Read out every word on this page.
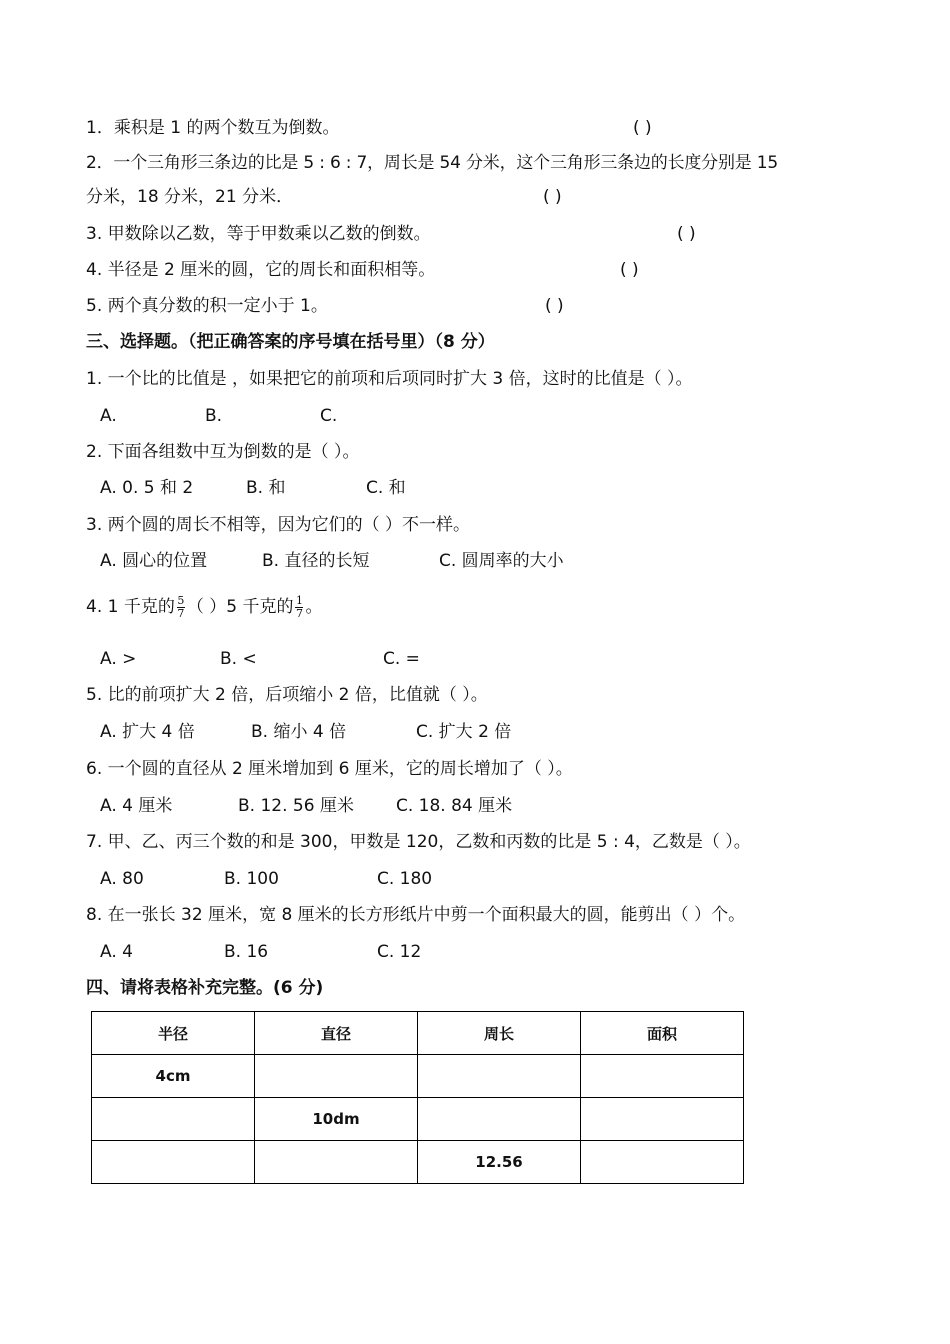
1．乘积是 1 的两个数互为倒数。	( )
2．一个三角形三条边的比是 5 : 6 : 7，周长是 54 分米，这个三角形三条边的长度分别是 15
分米，18 分米，21 分米．	( )
3. 甲数除以乙数，等于甲数乘以乙数的倒数。	( )
4. 半径是 2 厘米的圆，它的周长和面积相等。	( )
5. 两个真分数的积一定小于 1。	( )
三、选择题。（把正确答案的序号填在括号里）（8 分）
1. 一个比的比值是 ，如果把它的前项和后项同时扩大 3 倍，这时的比值是（ ）。
A.	B.	C.
2. 下面各组数中互为倒数的是（ ）。
A. 0. 5 和 2	B. 和	C. 和
3. 两个圆的周长不相等，因为它们的（ ）不一样。
A. 圆心的位置	B. 直径的长短	C. 圆周率的大小
4. 1 千克的 $\frac{5}{7}$ （ ）5 千克的 $\frac{1}{7}$ 。
A. >	B. <	C. =
5. 比的前项扩大 2 倍，后项缩小 2 倍，比值就（ ）。
A. 扩大 4 倍	B. 缩小 4 倍	C. 扩大 2 倍
6. 一个圆的直径从 2 厘米增加到 6 厘米，它的周长增加了（ ）。
A. 4 厘米	B. 12. 56 厘米 C. 18. 84 厘米
7. 甲、乙、丙三个数的和是 300，甲数是 120，乙数和丙数的比是 5 : 4，乙数是（ ）。
A. 80	B. 100	C. 180
8. 在一张长 32 厘米，宽 8 厘米的长方形纸片中剪一个面积最大的圆，能剪出（ ）个。
A. 4	B. 16	C. 12
四、请将表格补充完整。(6 分)
半径	直径	周长	面积
4cm			
	10dm		
		12.56	
